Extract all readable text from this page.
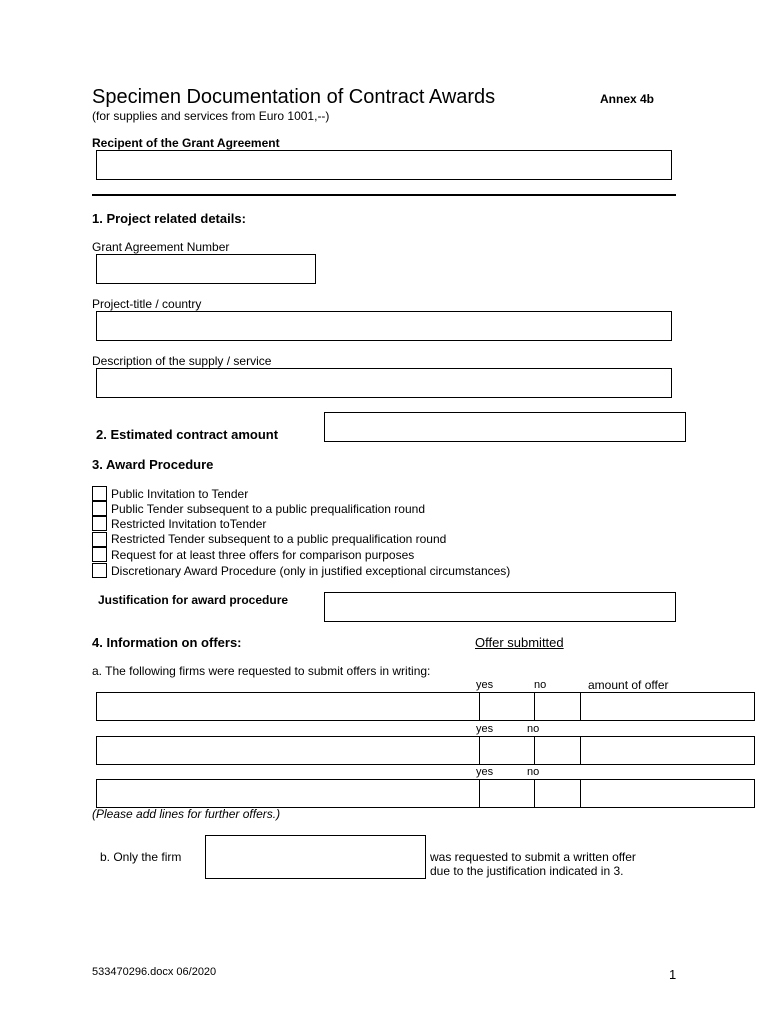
Specimen Documentation of Contract Awards	Annex 4b
(for supplies and services from Euro 1001,--)
Recipent of the Grant Agreement
1. Project related details:
Grant Agreement Number
Project-title / country
Description of the supply / service
2. Estimated contract amount
3. Award Procedure
Public Invitation to Tender
Public Tender subsequent to a public prequalification round
Restricted Invitation toTender
Restricted Tender subsequent to a public prequalification round
Request for at least three offers for comparison purposes
Discretionary Award Procedure (only in justified exceptional circumstances)
Justification for award procedure
4. Information on offers:	Offer submitted
a. The following firms were requested to submit offers in writing:
yes	no	amount of offer
yes	no
yes	no
(Please add lines for further offers.)
b. Only the firm	was requested to submit a written offer
due to the justification indicated in 3.
533470296.docx 06/2020	1
